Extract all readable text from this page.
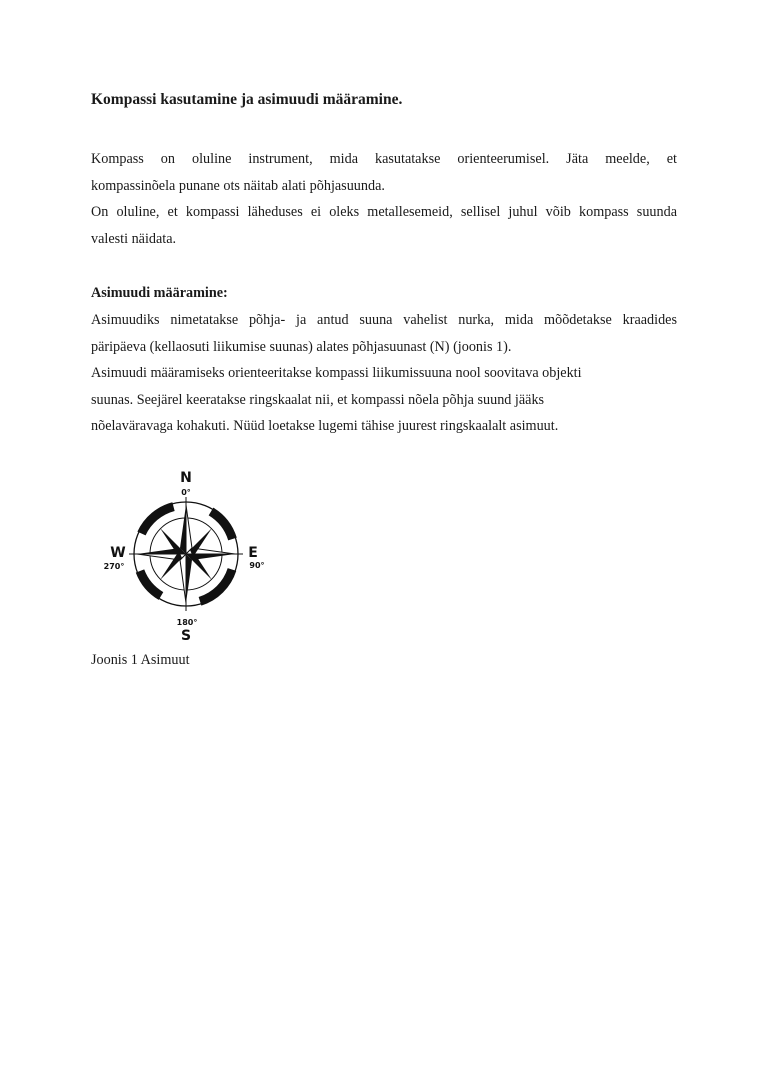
Kompassi kasutamine ja asimuudi määramine.

Kompass on oluline instrument, mida kasutatakse orienteerumisel. Jäta meelde, et
kompassinõela punane ots näitab alati põhjasuunda.

On oluline, et kompassi läheduses ei oleks metallesemeid, sellisel juhul võib kompass suunda
valesti näidata.

Asimuudi määramine:

Asimuudiks nimetatakse põhja- ja antud suuna vahelist nurka, mida mõõdetakse kraadides
päripäeva (kellaosuti liikumise suunas) alates põhjasuunast (N) (joonis 1).

Asimuudi määramiseks orienteeritakse kompassi liikumissuuna nool soovitava objekti
suunas. Seejärel keeratakse ringskaalat nii, et kompassi nõela põhja suund jääks
nõelaväravaga kohakuti. Nüüd loetakse lugemi tähise juurest ringskaalalt asimuut.

N
0°
E
90°
180°
S
W
270°

Joonis 1 Asimuut
